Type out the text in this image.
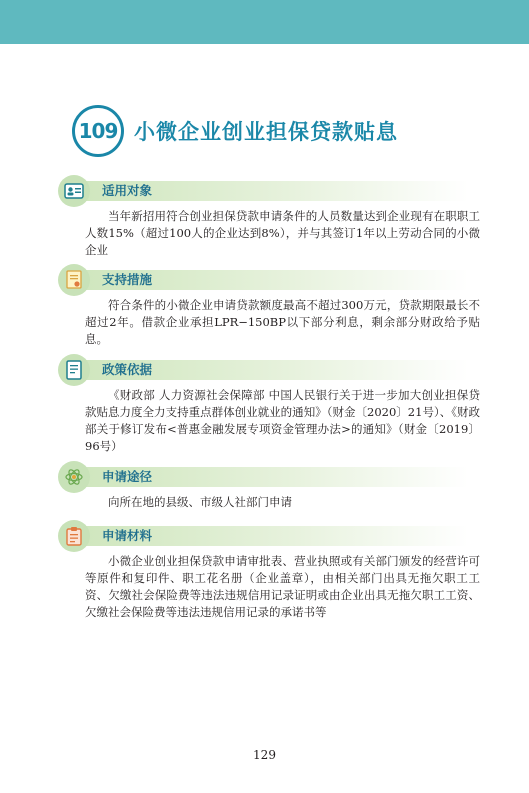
109 小微企业创业担保贷款贴息
适用对象
当年新招用符合创业担保贷款申请条件的人员数量达到企业现有在职职工人数15%（超过100人的企业达到8%），并与其签订1年以上劳动合同的小微企业
支持措施
符合条件的小微企业申请贷款额度最高不超过300万元，贷款期限最长不超过2年。借款企业承担LPR−150BP以下部分利息，剩余部分财政给予贴息。
政策依据
《财政部 人力资源社会保障部 中国人民银行关于进一步加大创业担保贷款贴息力度全力支持重点群体创业就业的通知》（财金〔2020〕21号）、《财政部关于修订发布<普惠金融发展专项资金管理办法>的通知》（财金〔2019〕96号）
申请途径
向所在地的县级、市级人社部门申请
申请材料
小微企业创业担保贷款申请审批表、营业执照或有关部门颁发的经营许可等原件和复印件、职工花名册（企业盖章），由相关部门出具无拖欠职工工资、欠缴社会保险费等违法违规信用记录证明或由企业出具无拖欠职工工资、欠缴社会保险费等违法违规信用记录的承诺书等
129
